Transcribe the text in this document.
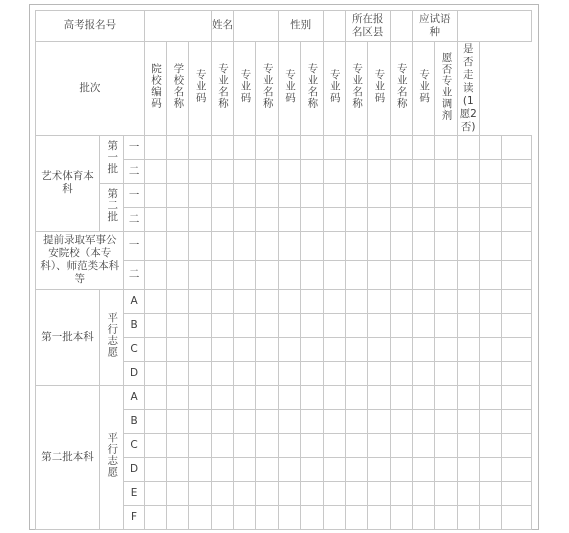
高考报名号						姓名			性别			所在报名区县			应试语种				
批次			院校编码	学校名称	专业码	专业名称	专业码	专业名称	专业码	专业名称	专业码	专业名称	专业码	专业名称	专业码	愿否专业调剂	是否走读(1愿2否)		
艺术体育本科	第一批	一																	
		二																	
	第二批	一																	
		二																	
提前录取军事公安院校（本专科）、师范类本科等		一																	
		二																	
第一批本科	平行志愿	A																	
		B																	
		C																	
		D																	
第二批本科	平行志愿	A																	
		B																	
		C																	
		D																	
		E																	
		F																	
